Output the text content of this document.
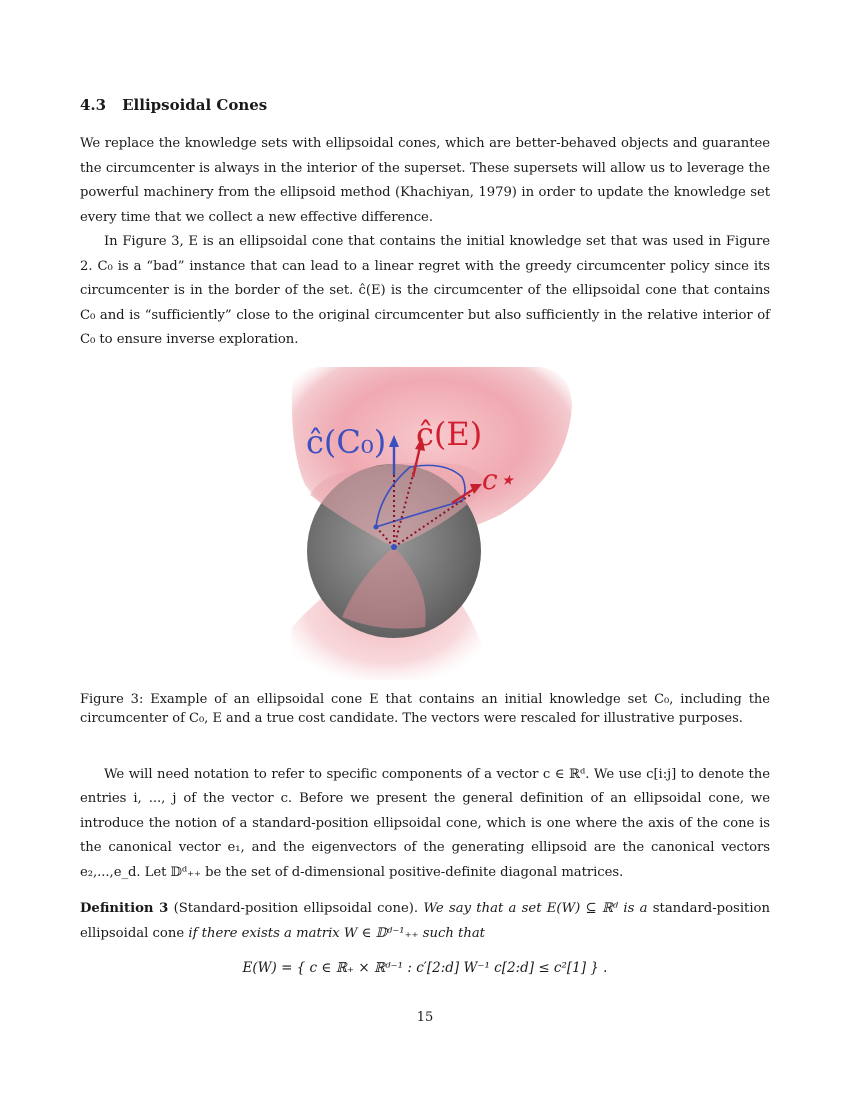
4.3 Ellipsoidal Cones

We replace the knowledge sets with ellipsoidal cones, which are better-behaved objects and guarantee the circumcenter is always in the interior of the superset. These supersets will allow us to leverage the powerful machinery from the ellipsoid method (Khachiyan, 1979) in order to update the knowledge set every time that we collect a new effective difference.

In Figure 3, E is an ellipsoidal cone that contains the initial knowledge set that was used in Figure 2. C₀ is a “bad” instance that can lead to a linear regret with the greedy circumcenter policy since its circumcenter is in the border of the set. ĉ(E) is the circumcenter of the ellipsoidal cone that contains C₀ and is “sufficiently” close to the original circumcenter but also sufficiently in the relative interior of C₀ to ensure inverse exploration.

ĉ(C₀) ĉ(E)
c⋆

Figure 3: Example of an ellipsoidal cone E that contains an initial knowledge set C₀, including the circumcenter of C₀, E and a true cost candidate. The vectors were rescaled for illustrative purposes.

We will need notation to refer to specific components of a vector c ∈ ℝᵈ. We use c[i:j] to denote the entries i, ..., j of the vector c. Before we present the general definition of an ellipsoidal cone, we introduce the notion of a standard-position ellipsoidal cone, which is one where the axis of the cone is the canonical vector e₁, and the eigenvectors of the generating ellipsoid are the canonical vectors e₂,...,e_d. Let 𝔻ᵈ₊₊ be the set of d-dimensional positive-definite diagonal matrices.

Definition 3 (Standard-position ellipsoidal cone). We say that a set E(W) ⊆ ℝᵈ is a standard-position ellipsoidal cone if there exists a matrix W ∈ 𝔻ᵈ⁻¹₊₊ such that

E(W) = { c ∈ ℝ₊ × ℝᵈ⁻¹ : c′[2:d] W⁻¹ c[2:d] ≤ c²[1] } .
15
